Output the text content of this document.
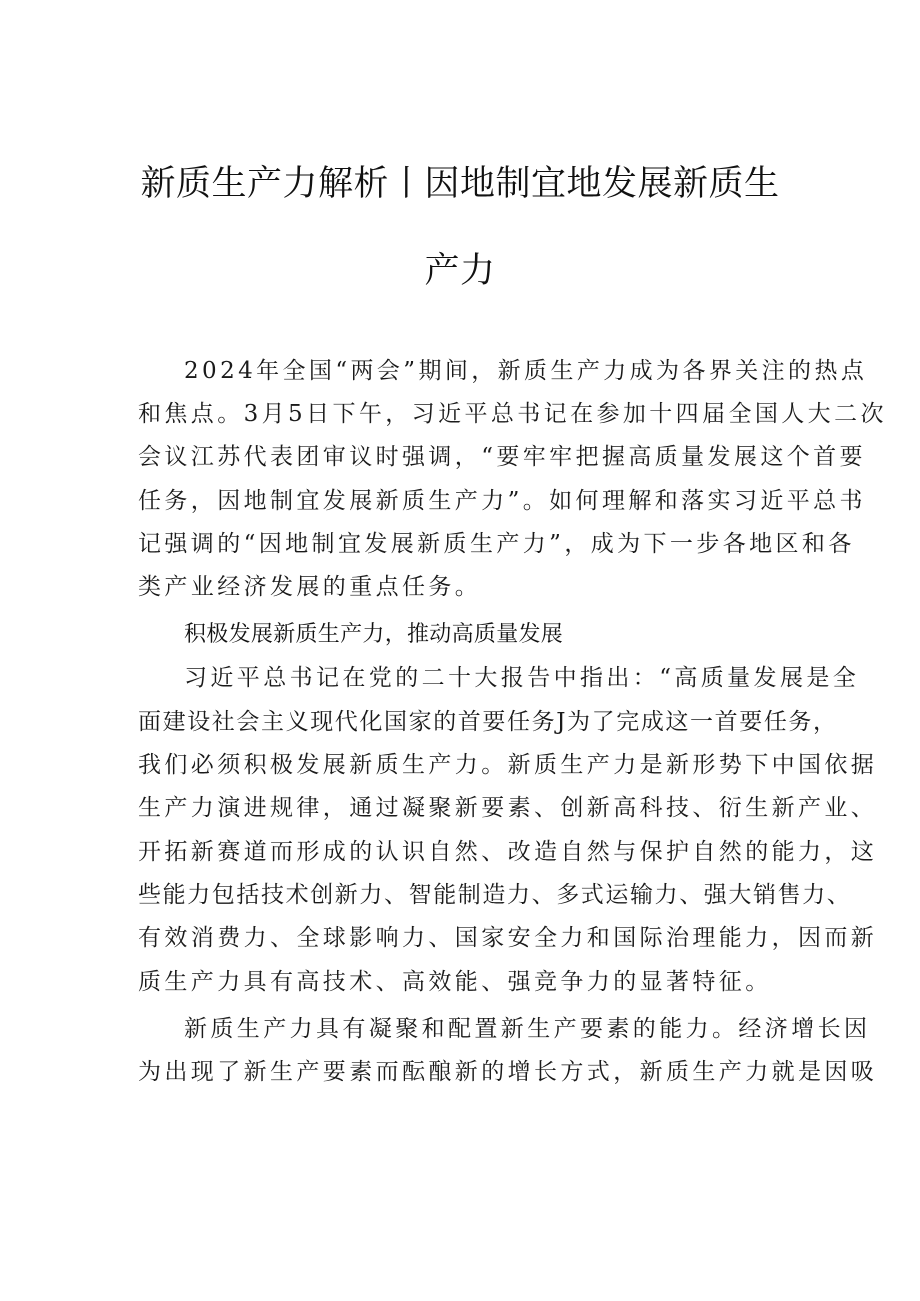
新质生产力解析丨因地制宜地发展新质生
产力
2024年全国“两会”期间，新质生产力成为各界关注的热点
和焦点。3月5日下午，习近平总书记在参加十四届全国人大二次
会议江苏代表团审议时强调，“要牢牢把握高质量发展这个首要
任务，因地制宜发展新质生产力”。如何理解和落实习近平总书
记强调的“因地制宜发展新质生产力”，成为下一步各地区和各
类产业经济发展的重点任务。
积极发展新质生产力，推动高质量发展
习近平总书记在党的二十大报告中指出：“高质量发展是全
面建设社会主义现代化国家的首要任务J为了完成这一首要任务，
我们必须积极发展新质生产力。新质生产力是新形势下中国依据
生产力演进规律，通过凝聚新要素、创新高科技、衍生新产业、
开拓新赛道而形成的认识自然、改造自然与保护自然的能力，这
些能力包括技术创新力、智能制造力、多式运输力、强大销售力、
有效消费力、全球影响力、国家安全力和国际治理能力，因而新
质生产力具有高技术、高效能、强竞争力的显著特征。
新质生产力具有凝聚和配置新生产要素的能力。经济增长因
为出现了新生产要素而酝酿新的增长方式，新质生产力就是因吸
